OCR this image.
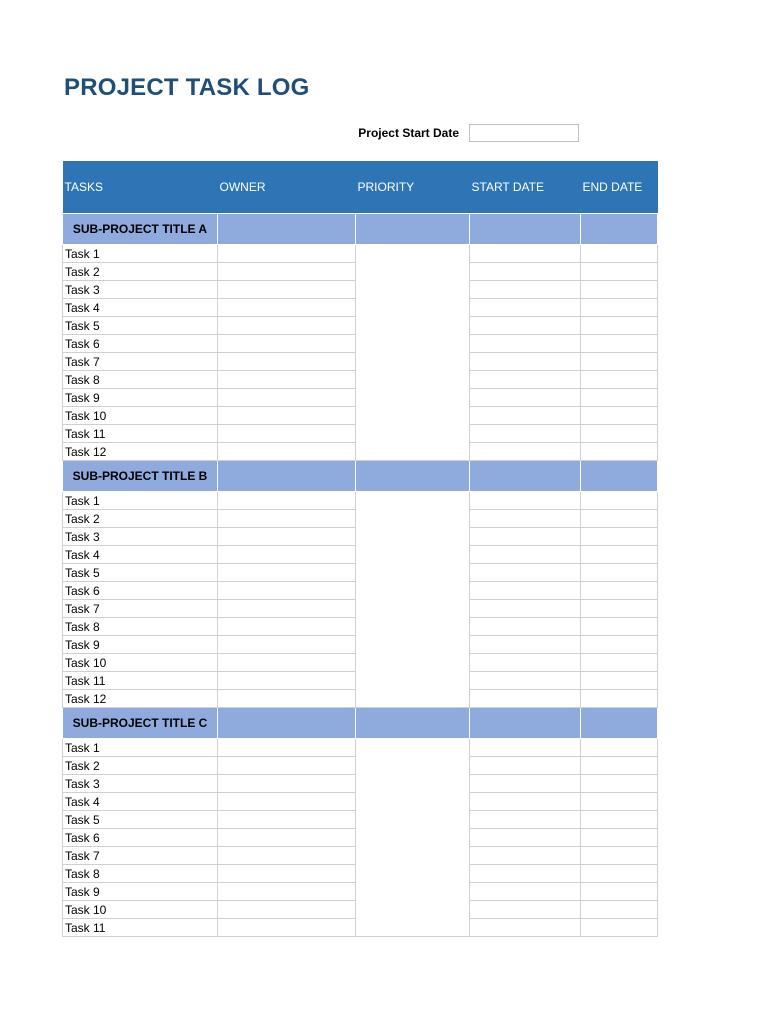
PROJECT TASK LOG
Project Start Date
TASKS	OWNER	PRIORITY	START DATE	END DATE
SUB-PROJECT TITLE A				
Task 1				
Task 2				
Task 3				
Task 4				
Task 5				
Task 6				
Task 7				
Task 8				
Task 9				
Task 10				
Task 11				
Task 12				
SUB-PROJECT TITLE B				
Task 1				
Task 2				
Task 3				
Task 4				
Task 5				
Task 6				
Task 7				
Task 8				
Task 9				
Task 10				
Task 11				
Task 12				
SUB-PROJECT TITLE C				
Task 1				
Task 2				
Task 3				
Task 4				
Task 5				
Task 6				
Task 7				
Task 8				
Task 9				
Task 10				
Task 11				
